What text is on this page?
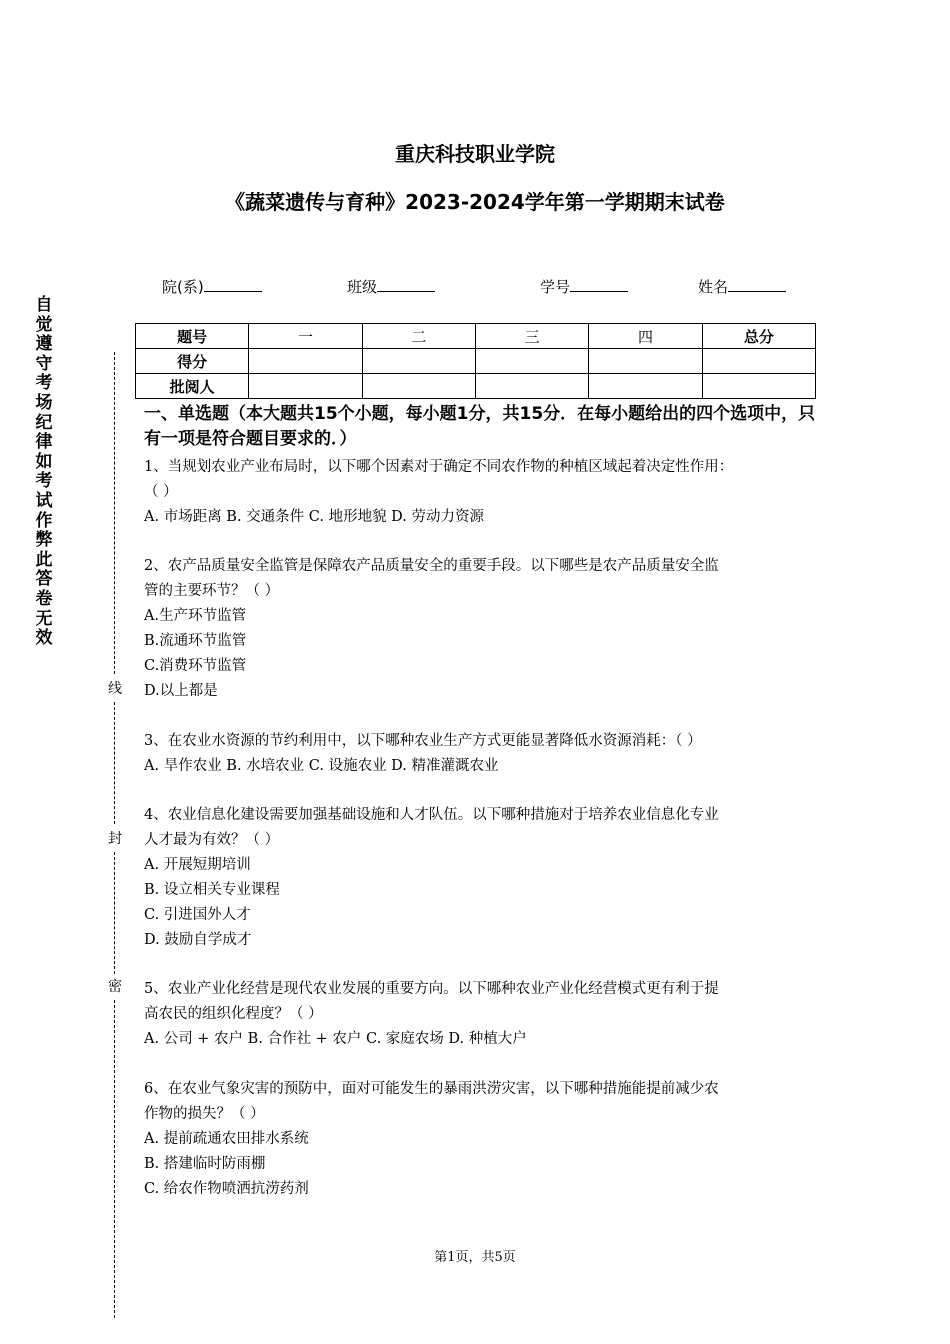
重庆科技职业学院
《蔬菜遗传与育种》2023-2024学年第一学期期末试卷
自觉遵守考场纪律如考试作弊此答卷无效
线
封
密
院(系)	班级	学号	姓名
题号	一	二	三	四	总分
得分					
批阅人					
一、单选题（本大题共15个小题，每小题1分，共15分．在每小题给出的四个选项中，只有一项是符合题目要求的．）
1、当规划农业产业布局时，以下哪个因素对于确定不同农作物的种植区域起着决定性作用：
（ ）
A. 市场距离 B. 交通条件 C. 地形地貌 D. 劳动力资源
2、农产品质量安全监管是保障农产品质量安全的重要手段。以下哪些是农产品质量安全监
管的主要环节？（ ）
A.生产环节监管
B.流通环节监管
C.消费环节监管
D.以上都是
3、在农业水资源的节约利用中，以下哪种农业生产方式更能显著降低水资源消耗：（ ）
A. 旱作农业 B. 水培农业 C. 设施农业 D. 精准灌溉农业
4、农业信息化建设需要加强基础设施和人才队伍。以下哪种措施对于培养农业信息化专业
人才最为有效？（ ）
A. 开展短期培训
B. 设立相关专业课程
C. 引进国外人才
D. 鼓励自学成才
5、农业产业化经营是现代农业发展的重要方向。以下哪种农业产业化经营模式更有利于提
高农民的组织化程度？（ ）
A. 公司 + 农户 B. 合作社 + 农户 C. 家庭农场 D. 种植大户
6、在农业气象灾害的预防中，面对可能发生的暴雨洪涝灾害，以下哪种措施能提前减少农
作物的损失？（ ）
A. 提前疏通农田排水系统
B. 搭建临时防雨棚
C. 给农作物喷洒抗涝药剂
第1页，共5页
